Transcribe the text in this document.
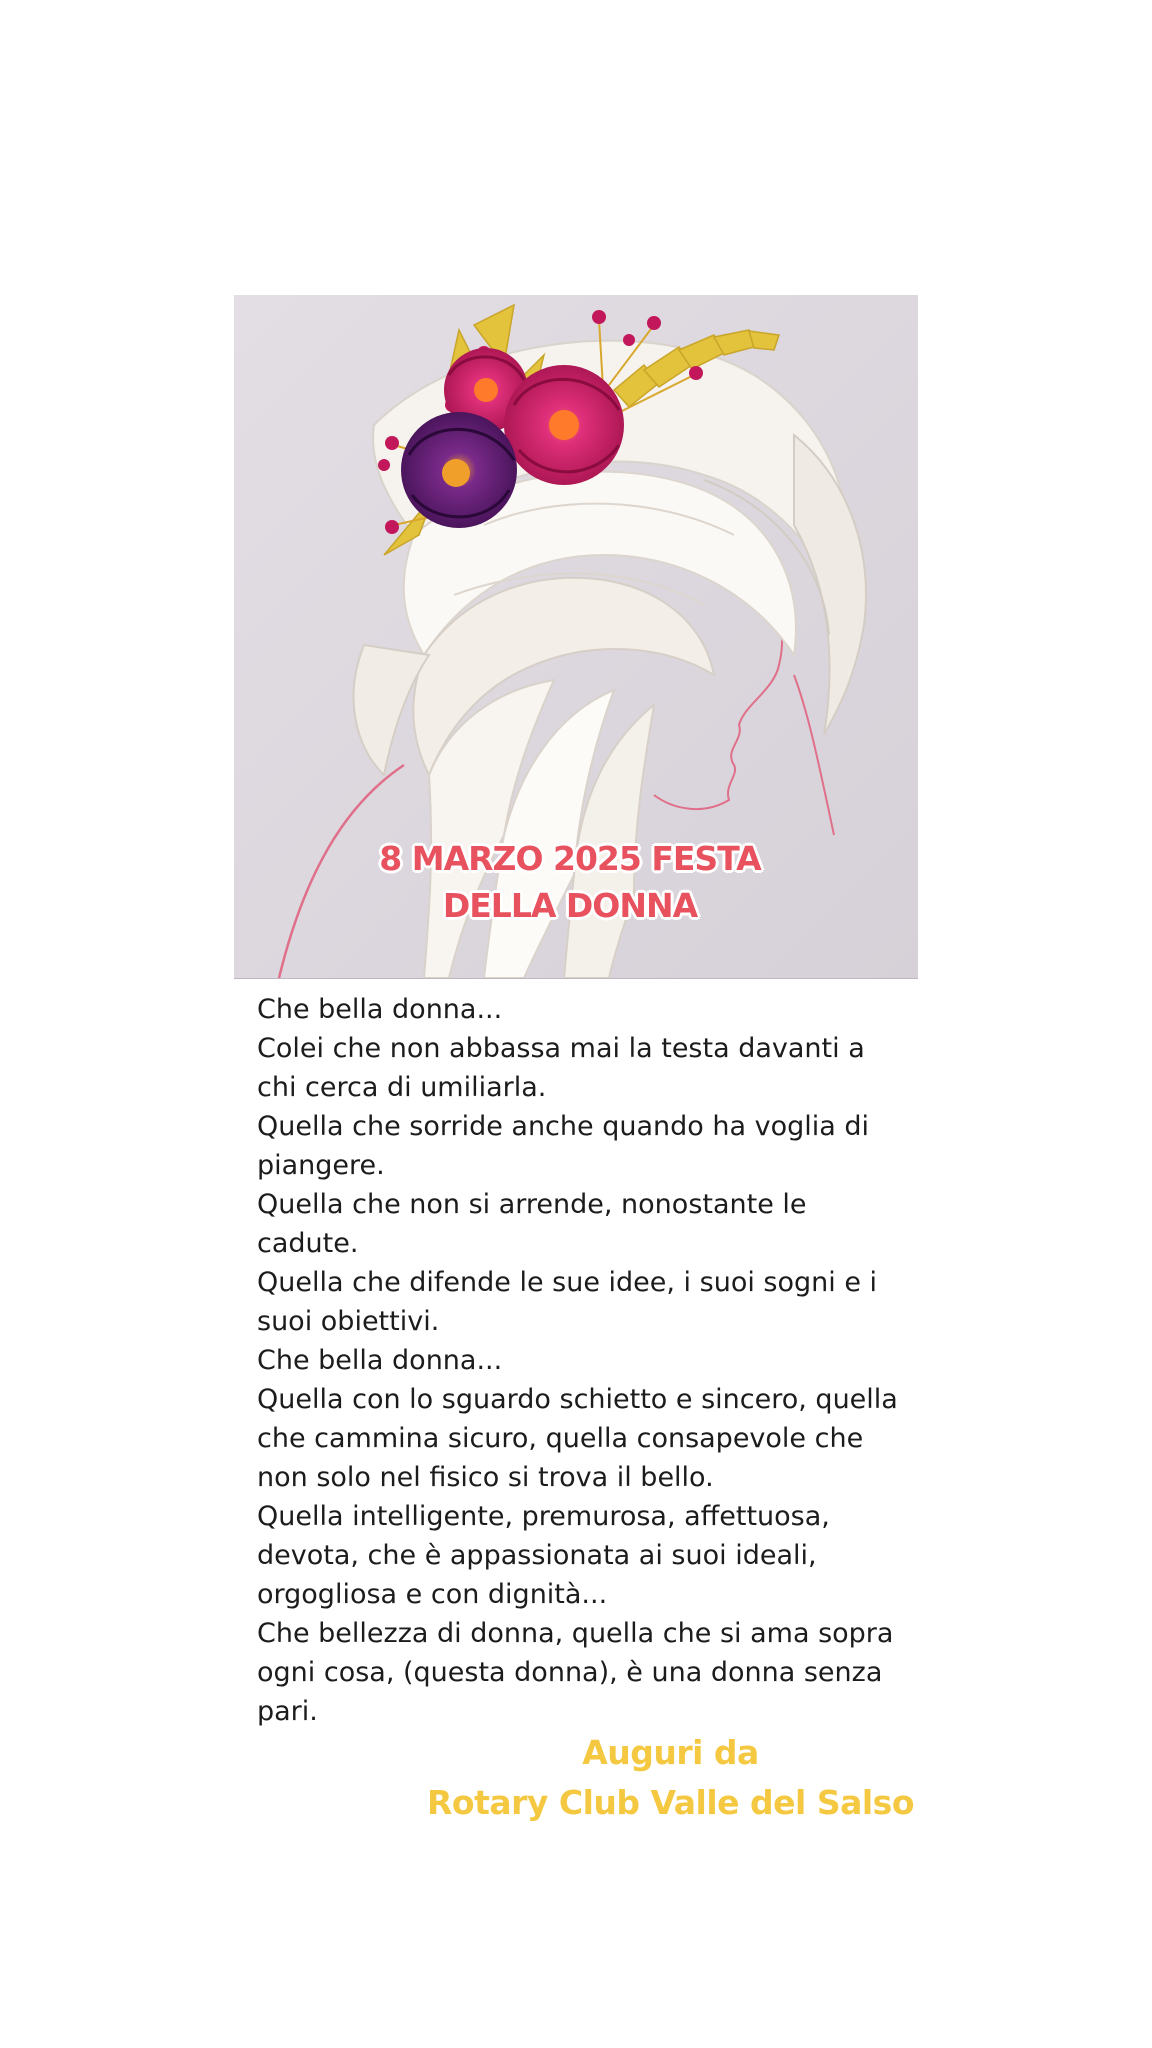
8 MARZO 2025 FESTA
DELLA DONNA
Che bella donna...
Colei che non abbassa mai la testa davanti a
chi cerca di umiliarla.
Quella che sorride anche quando ha voglia di
piangere.
Quella che non si arrende, nonostante le
cadute.
Quella che difende le sue idee, i suoi sogni e i
suoi obiettivi.
Che bella donna...
Quella con lo sguardo schietto e sincero, quella
che cammina sicuro, quella consapevole che
non solo nel fisico si trova il bello.
Quella intelligente, premurosa, affettuosa,
devota, che è appassionata ai suoi ideali,
orgogliosa e con dignità...
Che bellezza di donna, quella che si ama sopra
ogni cosa, (questa donna), è una donna senza
pari.
Auguri da
Rotary Club Valle del Salso
